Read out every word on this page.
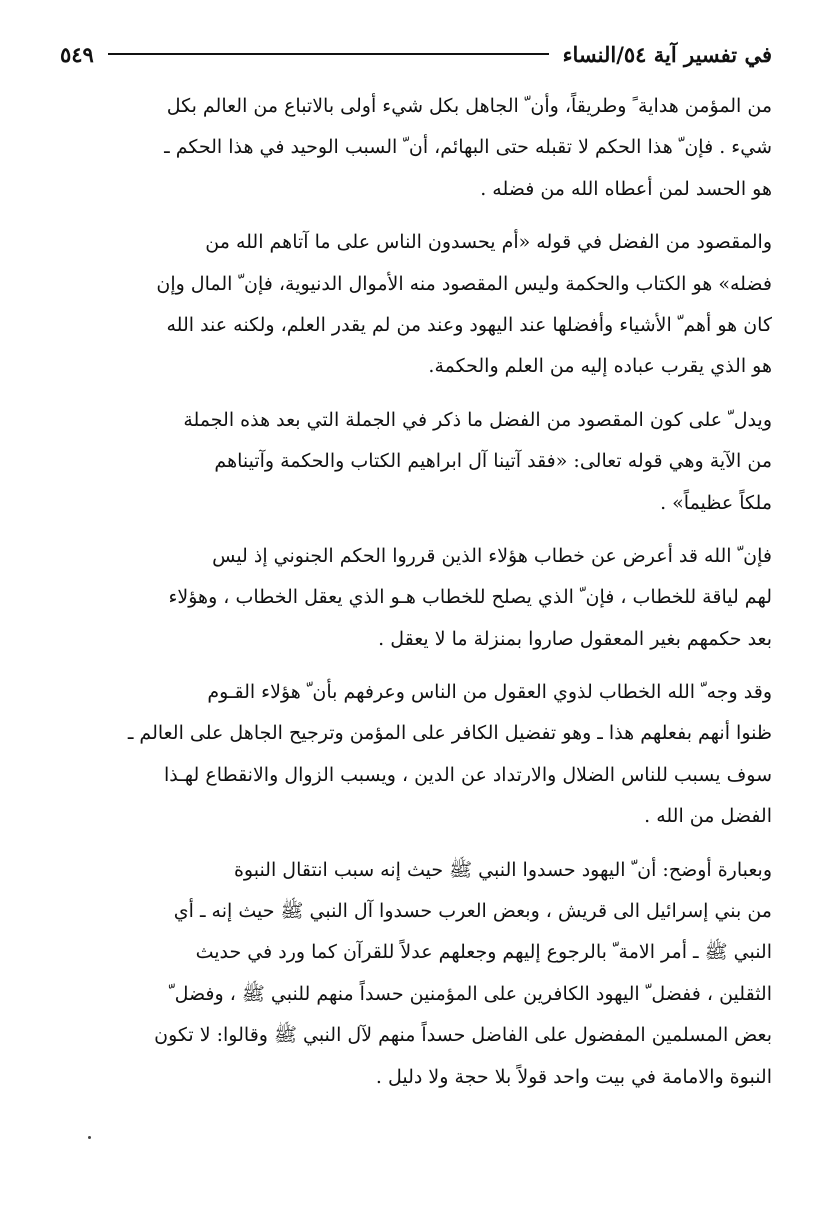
في تفسير آية ٥٤/النساء
٥٤٩
من المؤمن هداية ً وطريقاً، وأن ّ الجاهل بكل شيء أولى بالاتباع من العالم بكل
شيء . فإن ّ هذا الحكم لا تقبله حتى البهائم، أن ّ السبب الوحيد في هذا الحكم ـ
هو الحسد لمن أعطاه الله من فضله .
والمقصود من الفضل في قوله «أم يحسدون الناس على ما آتاهم الله من
فضله» هو الكتاب والحكمة وليس المقصود منه الأموال الدنيوية، فإن ّ المال وإن
كان هو أهم ّ الأشياء وأفضلها عند اليهود وعند من لم يقدر العلم، ولكنه عند الله
هو الذي يقرب عباده إليه من العلم والحكمة.
ويدل ّ على كون المقصود من الفضل ما ذكر في الجملة التي بعد هذه الجملة
من الآية وهي قوله تعالى: «فقد آتينا آل ابراهيم الكتاب والحكمة وآتيناهم
ملكاً عظيماً» .
فإن ّ الله قد أعرض عن خطاب هؤلاء الذين قرروا الحكم الجنوني إذ ليس
لهم لياقة للخطاب ، فإن ّ الذي يصلح للخطاب هـو الذي يعقل الخطاب ، وهؤلاء
بعد حكمهم بغير المعقول صاروا بمنزلة ما لا يعقل .
وقد وجه ّ الله الخطاب لذوي العقول من الناس وعرفهم بأن ّ هؤلاء القـوم
ظنوا أنهم بفعلهم هذا ـ وهو تفضيل الكافر على المؤمن وترجيح الجاهل على العالم ـ
سوف يسبب للناس الضلال والارتداد عن الدين ، ويسبب الزوال والانقطاع لهـذا
الفضل من الله .
وبعبارة أوضح: أن ّ اليهود حسدوا النبي ﷺ حيث إنه سبب انتقال النبوة
من بني إسرائيل الى قريش ، وبعض العرب حسدوا آل النبي ﷺ حيث إنه ـ أي
النبي ﷺ ـ أمر الامة ّ بالرجوع إليهم وجعلهم عدلاً للقرآن كما ورد في حديث
الثقلين ، ففضل ّ اليهود الكافرين على المؤمنين حسداً منهم للنبي ﷺ ، وفضل ّ
بعض المسلمين المفضول على الفاضل حسداً منهم لآل النبي ﷺ وقالوا: لا تكون
النبوة والامامة في بيت واحد قولاً بلا حجة ولا دليل .
